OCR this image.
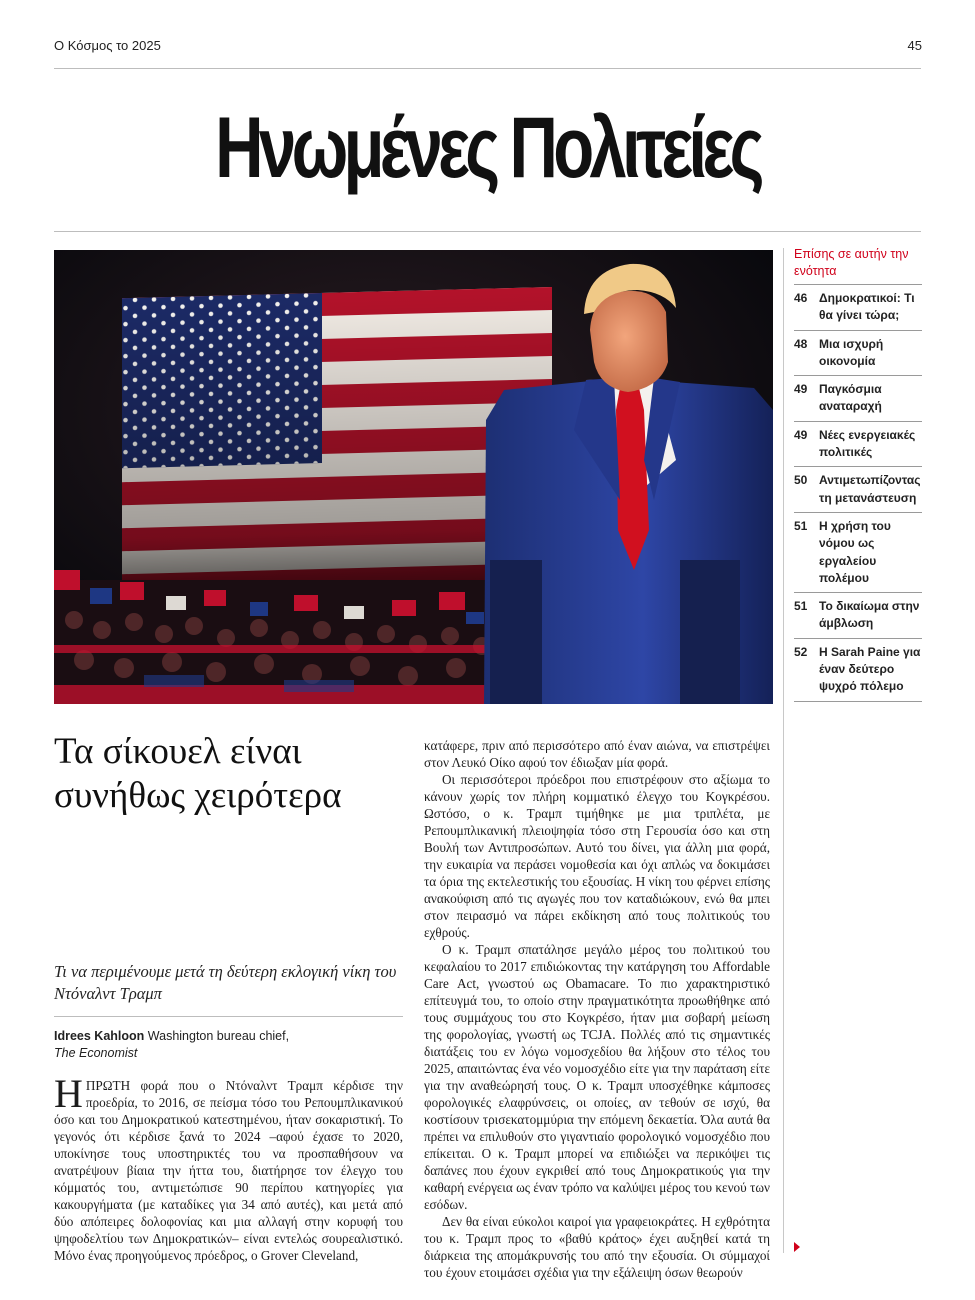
Ο Κόσμος το 2025	45
Ηνωμένες Πολιτείες
Επίσης σε αυτήν την ενότητα
46 Δημοκρατικοί: Τι θα γίνει τώρα;
48 Μια ισχυρή οικονομία
49 Παγκόσμια αναταραχή
49 Νέες ενεργειακές πολιτικές
50 Αντιμετωπίζοντας τη μετανάστευση
51 Η χρήση του νόμου ως εργαλείου πολέμου
51 Το δικαίωμα στην άμβλωση
52 Η Sarah Paine για έναν δεύτερο ψυχρό πόλεμο
Τα σίκουελ είναι συνήθως χειρότερα
Τι να περιμένουμε μετά τη δεύτερη εκλογική νίκη του Ντόναλντ Τραμπ
Idrees Kahloon Washington bureau chief,
The Economist

ΗΠΡΩΤΗ φορά που ο Ντόναλντ Τραμπ κέρδισε την προεδρία, το 2016, σε πείσμα τόσο του Ρεπουμπλικανικού όσο και του Δημοκρατικού κατεστημένου, ήταν σοκαριστική. Το γεγονός ότι κέρδισε ξανά το 2024 –αφού έχασε το 2020, υποκίνησε τους υποστηρικτές του να προσπαθήσουν να ανατρέψουν βίαια την ήττα του, διατήρησε τον έλεγχο του κόμματός του, αντιμετώπισε 90 περίπου κατηγορίες για κακουργήματα (με καταδίκες για 34 από αυτές), και μετά από δύο απόπειρες δολοφονίας και μια αλλαγή στην κορυφή του ψηφοδελτίου των Δημοκρατικών– είναι εντελώς σουρεαλιστικό. Μόνο ένας προηγούμενος πρόεδρος, ο Grover Cleveland,

κατάφερε, πριν από περισσότερο από έναν αιώνα, να επιστρέψει στον Λευκό Οίκο αφού τον έδιωξαν μία φορά.

Οι περισσότεροι πρόεδροι που επιστρέφουν στο αξίωμα το κάνουν χωρίς τον πλήρη κομματικό έλεγχο του Κογκρέσου. Ωστόσο, ο κ. Τραμπ τιμήθηκε με μια τριπλέτα, με Ρεπουμπλικανική πλειοψηφία τόσο στη Γερουσία όσο και στη Βουλή των Αντιπροσώπων. Αυτό του δίνει, για άλλη μια φορά, την ευκαιρία να περάσει νομοθεσία και όχι απλώς να δοκιμάσει τα όρια της εκτελεστικής του εξουσίας. Η νίκη του φέρνει επίσης ανακούφιση από τις αγωγές που τον καταδιώκουν, ενώ θα μπει στον πειρασμό να πάρει εκδίκηση από τους πολιτικούς του εχθρούς.

Ο κ. Τραμπ σπατάλησε μεγάλο μέρος του πολιτικού του κεφαλαίου το 2017 επιδιώκοντας την κατάργηση του Affordable Care Act, γνωστού ως Obamacare. Το πιο χαρακτηριστικό επίτευγμά του, το οποίο στην πραγματικότητα προωθήθηκε από τους συμμάχους του στο Κογκρέσο, ήταν μια σοβαρή μείωση της φορολογίας, γνωστή ως TCJA. Πολλές από τις σημαντικές διατάξεις του εν λόγω νομοσχεδίου θα λήξουν στο τέλος του 2025, απαιτώντας ένα νέο νομοσχέδιο είτε για την παράταση είτε για την αναθεώρησή τους. Ο κ. Τραμπ υποσχέθηκε κάμποσες φορολογικές ελαφρύνσεις, οι οποίες, αν τεθούν σε ισχύ, θα κοστίσουν τρισεκατομμύρια την επόμενη δεκαετία. Όλα αυτά θα πρέπει να επιλυθούν στο γιγαντιαίο φορολογικό νομοσχέδιο που επίκειται. Ο κ. Τραμπ μπορεί να επιδιώξει να περικόψει τις δαπάνες που έχουν εγκριθεί από τους Δημοκρατικούς για την καθαρή ενέργεια ως έναν τρόπο να καλύψει μέρος του κενού των εσόδων.

Δεν θα είναι εύκολοι καιροί για γραφειοκράτες. Η εχθρότητα του κ. Τραμπ προς το «βαθύ κράτος» έχει αυξηθεί κατά τη διάρκεια της απομάκρυνσής του από την εξουσία. Οι σύμμαχοί του έχουν ετοιμάσει σχέδια για την εξάλειψη όσων θεωρούν
